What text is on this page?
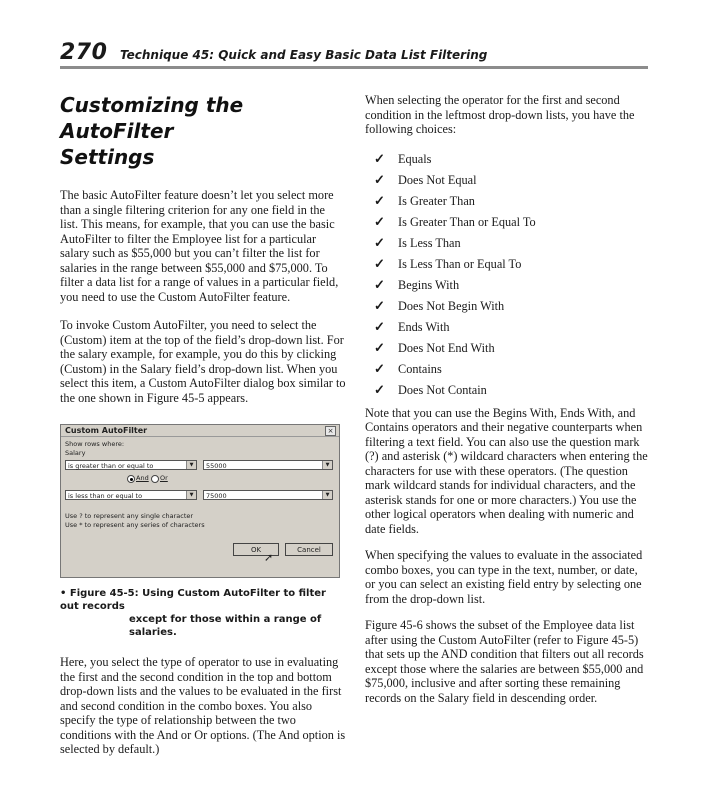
270 Technique 45: Quick and Easy Basic Data List Filtering
Customizing the AutoFilter
Settings

The basic AutoFilter feature doesn’t let you select more than a single filtering criterion for any one field in the list. This means, for example, that you can use the basic AutoFilter to filter the Employee list for a particular salary such as $55,000 but you can’t filter the list for salaries in the range between $55,000 and $75,000. To filter a data list for a range of values in a particular field, you need to use the Custom AutoFilter feature.

To invoke Custom AutoFilter, you need to select the (Custom) item at the top of the field’s drop-down list. For the salary example, for example, you do this by clicking (Custom) in the Salary field’s drop-down list. When you select this item, a Custom AutoFilter dialog box similar to the one shown in Figure 45-5 appears.

Custom AutoFilter	×
Show rows where:
Salary
is greater than or equal to	▼	55000	▼
And Or
is less than or equal to	▼	75000	▼
Use ? to represent any single character
Use * to represent any series of characters
OK	Cancel
➚
• Figure 45-5: Using Custom AutoFilter to filter out records
except for those within a range of salaries.

Here, you select the type of operator to use in evaluating the first and the second condition in the top and bottom drop-down lists and the values to be evaluated in the first and second condition in the combo boxes. You also specify the type of relationship between the two conditions with the And or Or options. (The And option is selected by default.)

When selecting the operator for the first and second condition in the leftmost drop-down lists, you have the following choices:

✓ Equals
✓ Does Not Equal
✓ Is Greater Than
✓ Is Greater Than or Equal To
✓ Is Less Than
✓ Is Less Than or Equal To
✓ Begins With
✓ Does Not Begin With
✓ Ends With
✓ Does Not End With
✓ Contains
✓ Does Not Contain

Note that you can use the Begins With, Ends With, and Contains operators and their negative counterparts when filtering a text field. You can also use the question mark (?) and asterisk (*) wildcard characters when entering the characters for use with these operators. (The question mark wildcard stands for individual characters, and the asterisk stands for one or more characters.) You use the other logical operators when dealing with numeric and date fields.

When specifying the values to evaluate in the associated combo boxes, you can type in the text, number, or date, or you can select an existing field entry by selecting one from the drop-down list.

Figure 45-6 shows the subset of the Employee data list after using the Custom AutoFilter (refer to Figure 45-5) that sets up the AND condition that filters out all records except those where the salaries are between $55,000 and $75,000, inclusive and after sorting these remaining records on the Salary field in descending order.
